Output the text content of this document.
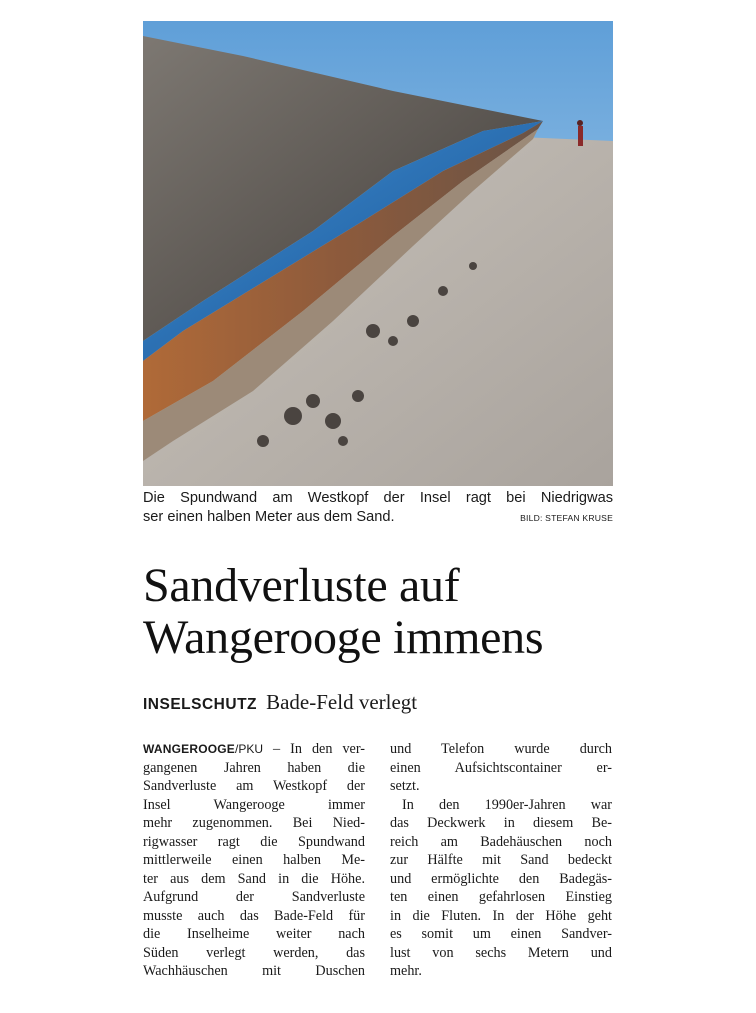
Die Spundwand am Westkopf der Insel ragt bei Niedrigwas
ser einen halben Meter aus dem Sand.	BILD: STEFAN KRUSE
Sandverluste auf
Wangerooge immens
INSELSCHUTZ Bade-Feld verlegt
WANGEROOGE/PKU – In den ver-
gangenen Jahren haben die
Sandverluste am Westkopf der
Insel Wangerooge immer
mehr zugenommen. Bei Nied-
rigwasser ragt die Spundwand
mittlerweile einen halben Me-
ter aus dem Sand in die Höhe.
Aufgrund der Sandverluste
musste auch das Bade-Feld für
die Inselheime weiter nach
Süden verlegt werden, das
Wachhäuschen mit Duschen
und Telefon wurde durch
einen Aufsichtscontainer er-
setzt.
In den 1990er-Jahren war
das Deckwerk in diesem Be-
reich am Badehäuschen noch
zur Hälfte mit Sand bedeckt
und ermöglichte den Badegäs-
ten einen gefahrlosen Einstieg
in die Fluten. In der Höhe geht
es somit um einen Sandver-
lust von sechs Metern und
mehr.
